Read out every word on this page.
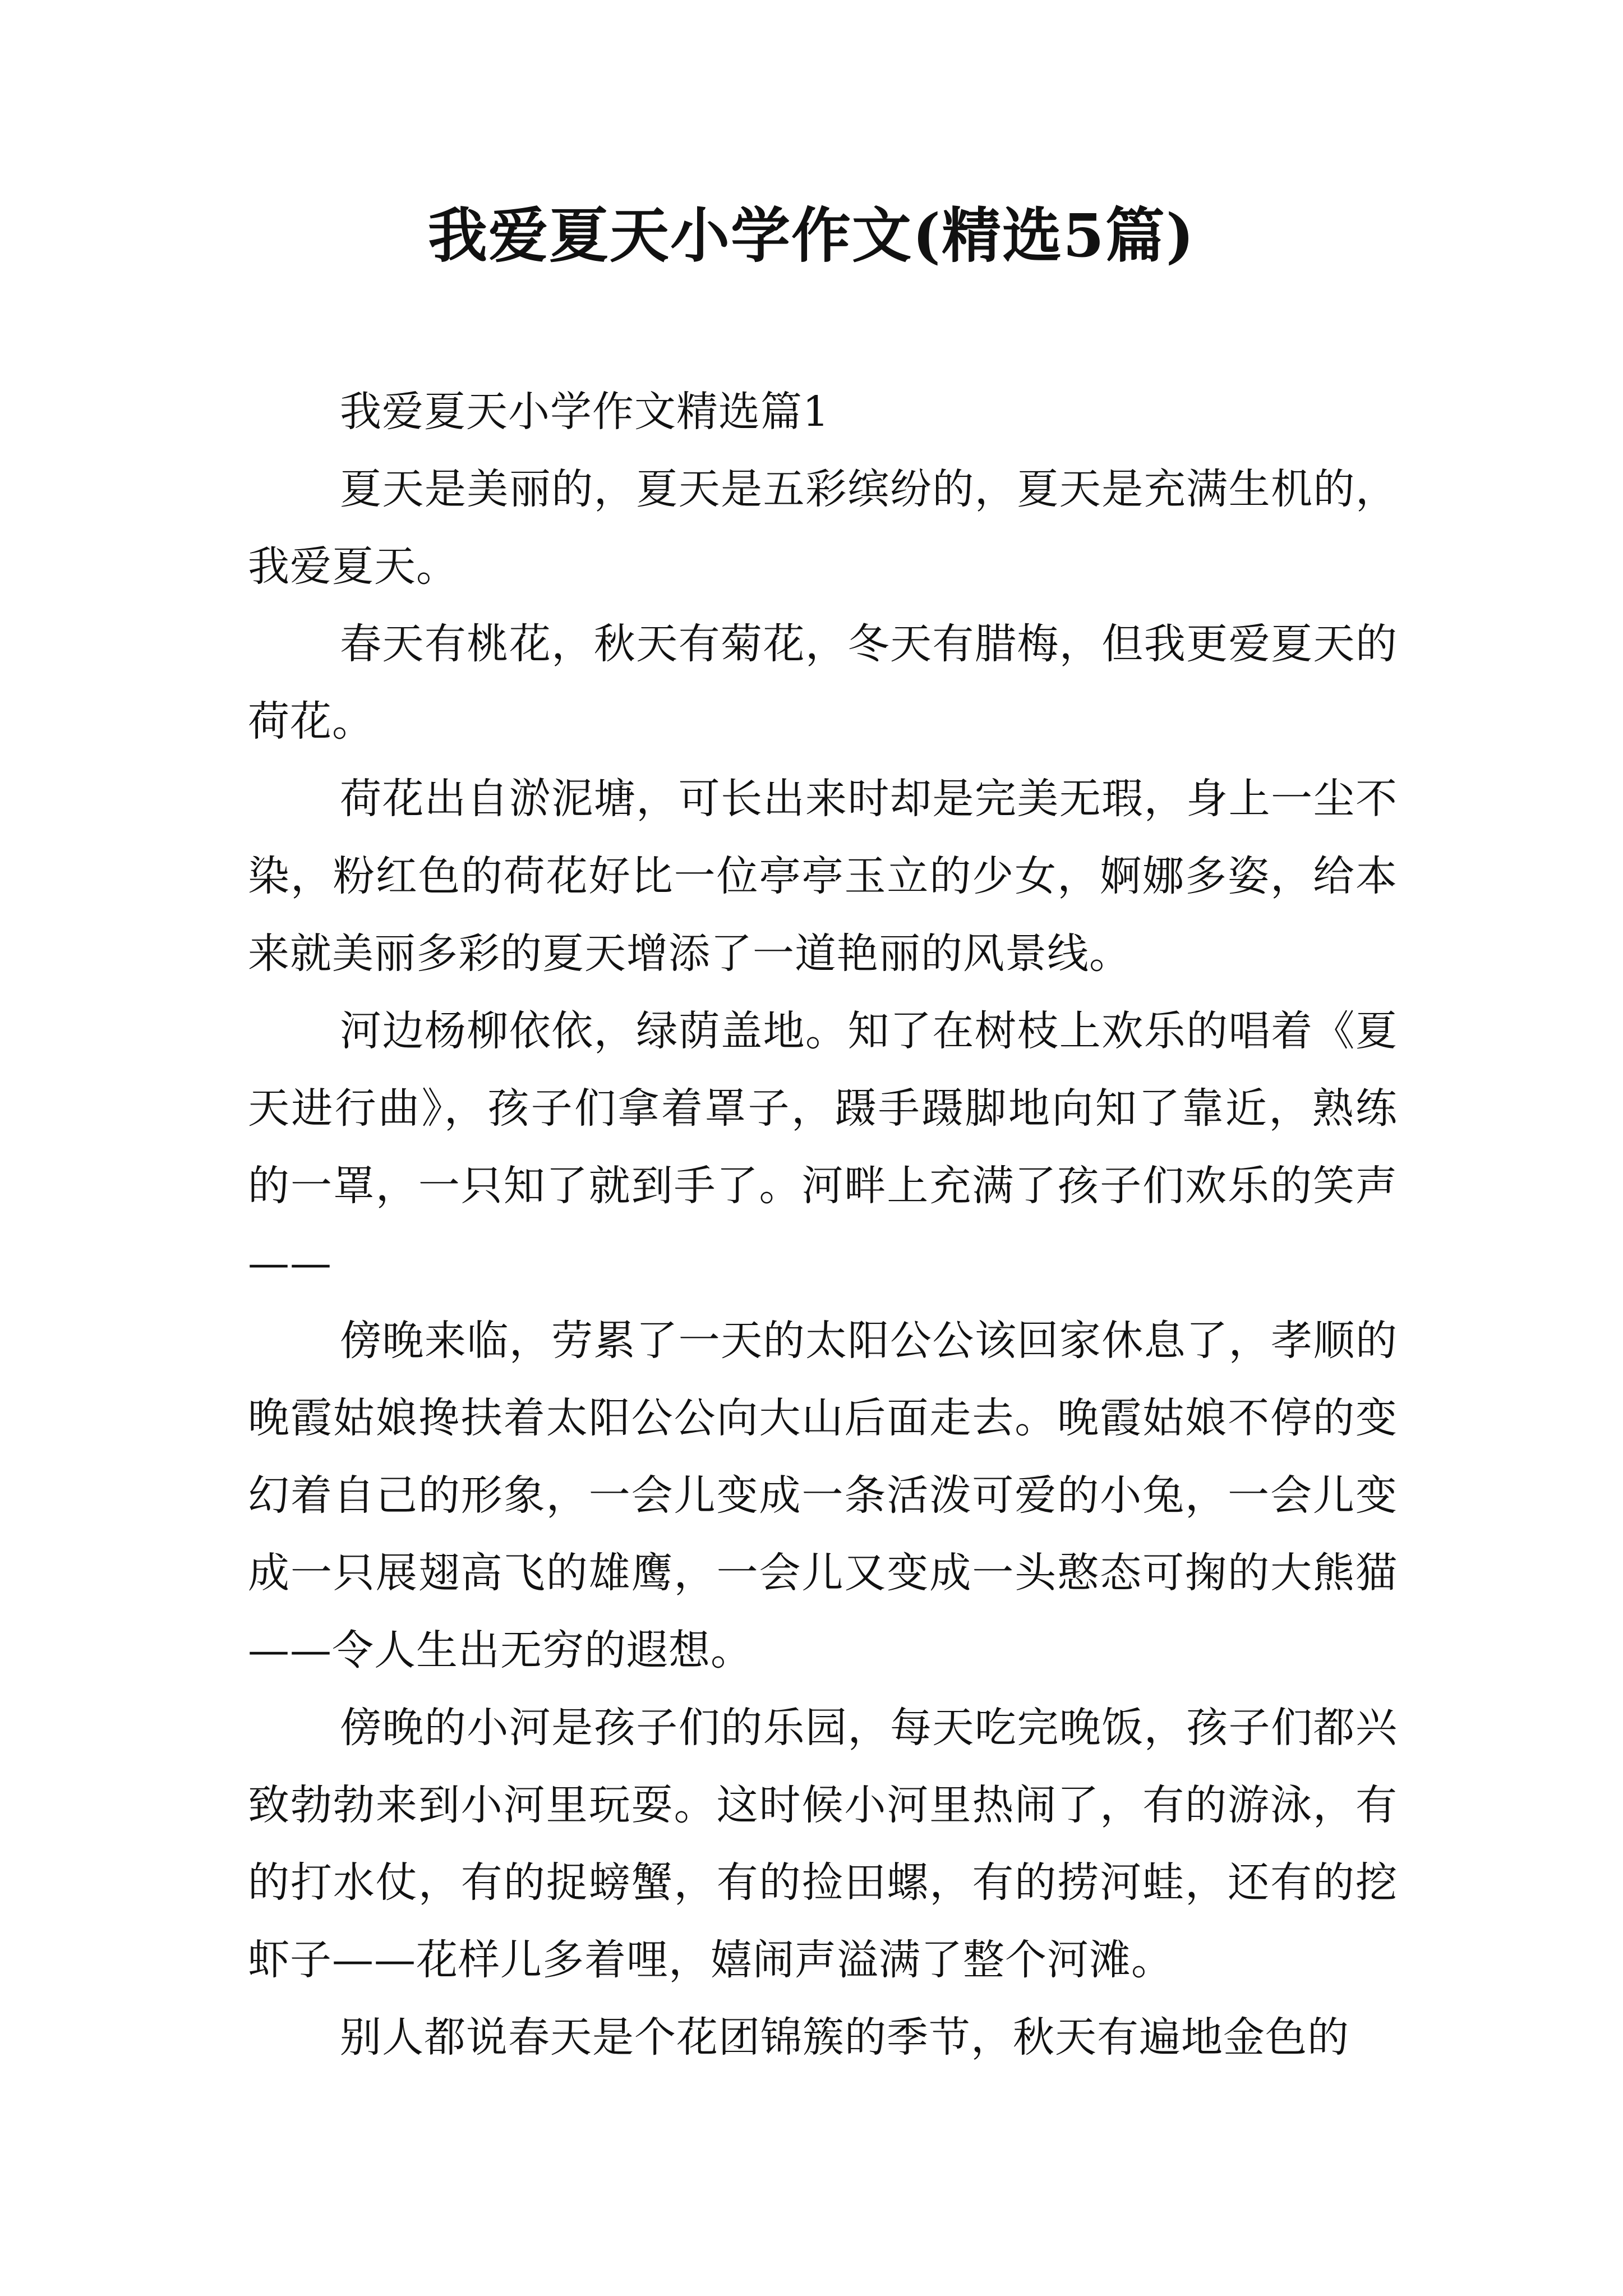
我爱夏天小学作文(精选5篇)

我爱夏天小学作文精选篇1

夏天是美丽的，夏天是五彩缤纷的，夏天是充满生机的，我爱夏天。

春天有桃花，秋天有菊花，冬天有腊梅，但我更爱夏天的荷花。

荷花出自淤泥塘，可长出来时却是完美无瑕，身上一尘不染，粉红色的荷花好比一位亭亭玉立的少女，婀娜多姿，给本来就美丽多彩的夏天增添了一道艳丽的风景线。

河边杨柳依依，绿荫盖地。知了在树枝上欢乐的唱着《夏天进行曲》，孩子们拿着罩子，蹑手蹑脚地向知了靠近，熟练的一罩，一只知了就到手了。河畔上充满了孩子们欢乐的笑声——

傍晚来临，劳累了一天的太阳公公该回家休息了，孝顺的晚霞姑娘搀扶着太阳公公向大山后面走去。晚霞姑娘不停的变幻着自己的形象，一会儿变成一条活泼可爱的小兔，一会儿变成一只展翅高飞的雄鹰，一会儿又变成一头憨态可掬的大熊猫——令人生出无穷的遐想。

傍晚的小河是孩子们的乐园，每天吃完晚饭，孩子们都兴致勃勃来到小河里玩耍。这时候小河里热闹了，有的游泳，有的打水仗，有的捉螃蟹，有的捡田螺，有的捞河蛙，还有的挖虾子——花样儿多着哩，嬉闹声溢满了整个河滩。

别人都说春天是个花团锦簇的季节，秋天有遍地金色的
